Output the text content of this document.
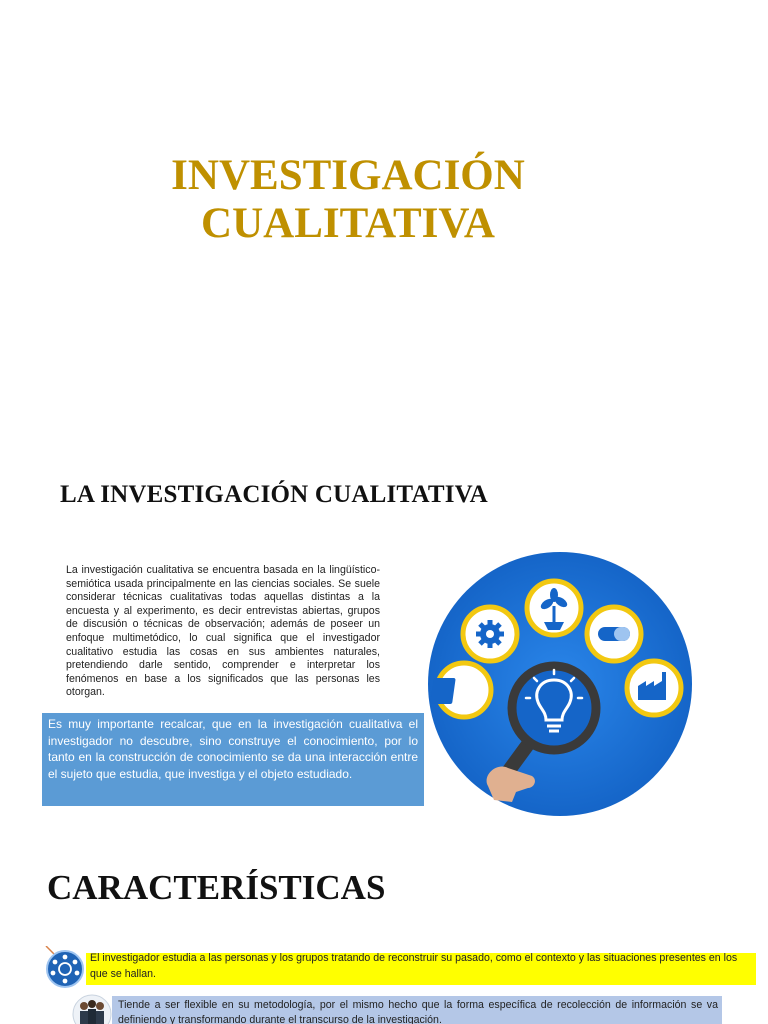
INVESTIGACIÓN

CUALITATIVA
LA INVESTIGACIÓN CUALITATIVA
La investigación cualitativa se encuentra basada en la lingüístico-semiótica usada principalmente en las ciencias sociales. Se suele considerar técnicas cualitativas todas aquellas distintas a la encuesta y al experimento, es decir entrevistas abiertas, grupos de discusión o técnicas de observación; además de poseer un enfoque multimetódico, lo cual significa que el investigador cualitativo estudia las cosas en sus ambientes naturales, pretendiendo darle sentido, comprender e interpretar los fenómenos en base a los significados que las personas les otorgan.
Es muy importante recalcar, que en la investigación cualitativa el investigador no descubre, sino construye el conocimiento, por lo tanto en la construcción de conocimiento se da una interacción entre el sujeto que estudia, que investiga y el objeto estudiado.
CARACTERÍSTICAS
El investigador estudia a las personas y los grupos tratando de reconstruir su pasado, como el contexto y las situaciones presentes en los que se hallan.
Tiende a ser flexible en su metodología, por el mismo hecho que la forma específica de recolección de información se va definiendo y transformando durante el transcurso de la investigación.
